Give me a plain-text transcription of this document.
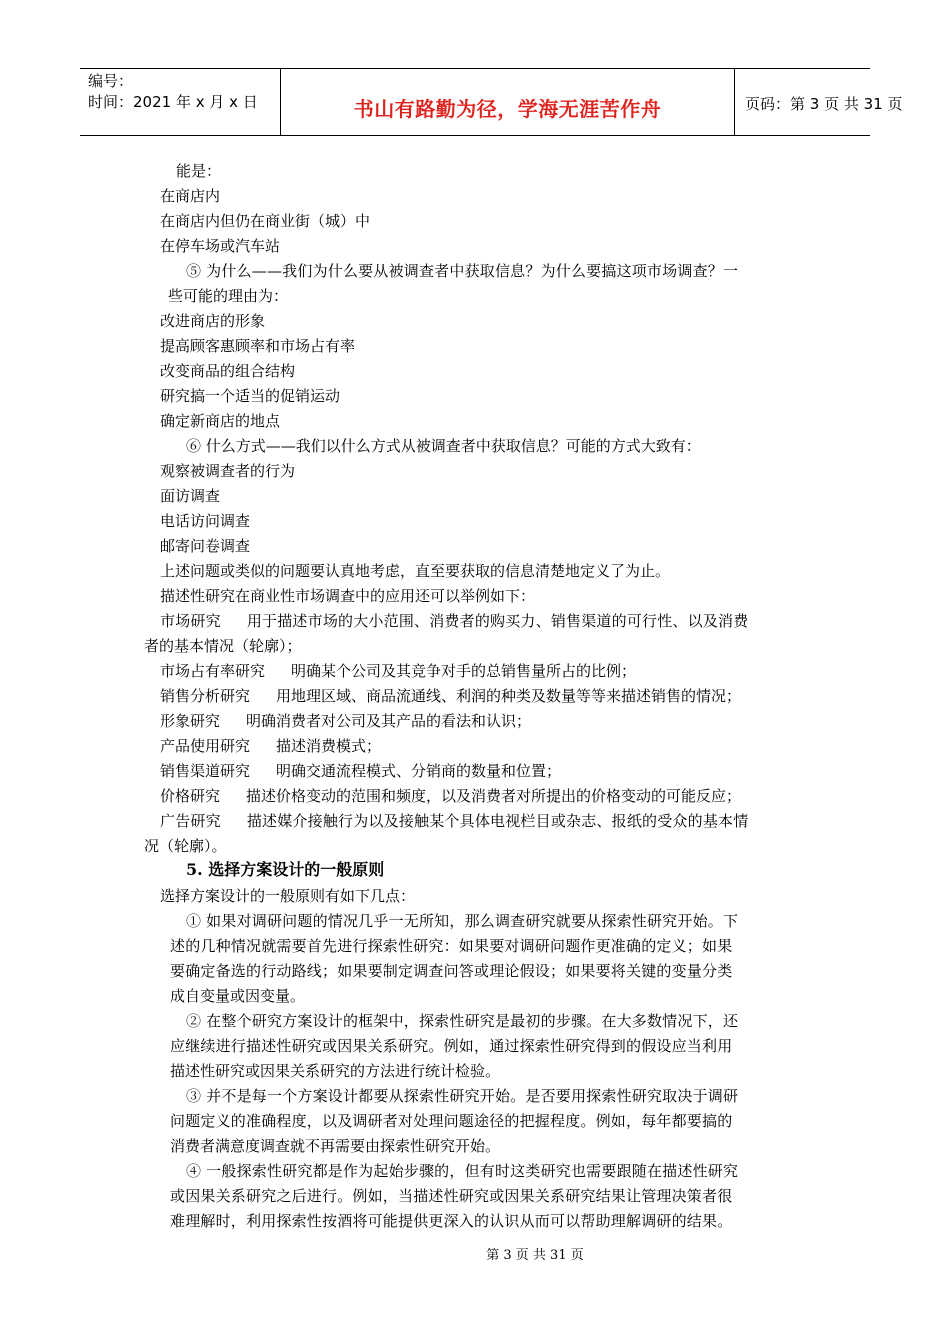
编号：
时间：2021 年 x 月 x 日	书山有路勤为径，学海无涯苦作舟	页码：第 3 页 共 31 页
能是：
在商店内
在商店内但仍在商业街（城）中
在停车场或汽车站
⑤ 为什么——我们为什么要从被调查者中获取信息？为什么要搞这项市场调查？一
些可能的理由为：
改进商店的形象
提高顾客惠顾率和市场占有率
改变商品的组合结构
研究搞一个适当的促销运动
确定新商店的地点
⑥ 什么方式——我们以什么方式从被调查者中获取信息？可能的方式大致有：
观察被调查者的行为
面访调查
电话访问调查
邮寄问卷调查
上述问题或类似的问题要认真地考虑，直至要获取的信息清楚地定义了为止。
描述性研究在商业性市场调查中的应用还可以举例如下：
市场研究 用于描述市场的大小范围、消费者的购买力、销售渠道的可行性、以及消费
者的基本情况（轮廓）；
市场占有率研究 明确某个公司及其竞争对手的总销售量所占的比例；
销售分析研究 用地理区域、商品流通线、利润的种类及数量等等来描述销售的情况；
形象研究 明确消费者对公司及其产品的看法和认识；
产品使用研究 描述消费模式；
销售渠道研究 明确交通流程模式、分销商的数量和位置；
价格研究 描述价格变动的范围和频度，以及消费者对所提出的价格变动的可能反应；
广告研究 描述媒介接触行为以及接触某个具体电视栏目或杂志、报纸的受众的基本情
况（轮廓）。
5. 选择方案设计的一般原则
选择方案设计的一般原则有如下几点：
① 如果对调研问题的情况几乎一无所知，那么调查研究就要从探索性研究开始。下
述的几种情况就需要首先进行探索性研究：如果要对调研问题作更准确的定义；如果
要确定备选的行动路线；如果要制定调查问答或理论假设；如果要将关键的变量分类
成自变量或因变量。
② 在整个研究方案设计的框架中，探索性研究是最初的步骤。在大多数情况下，还
应继续进行描述性研究或因果关系研究。例如，通过探索性研究得到的假设应当利用
描述性研究或因果关系研究的方法进行统计检验。
③ 并不是每一个方案设计都要从探索性研究开始。是否要用探索性研究取决于调研
问题定义的准确程度，以及调研者对处理问题途径的把握程度。例如，每年都要搞的
消费者满意度调查就不再需要由探索性研究开始。
④ 一般探索性研究都是作为起始步骤的，但有时这类研究也需要跟随在描述性研究
或因果关系研究之后进行。例如，当描述性研究或因果关系研究结果让管理决策者很
难理解时，利用探索性按酒将可能提供更深入的认识从而可以帮助理解调研的结果。
第 3 页 共 31 页
